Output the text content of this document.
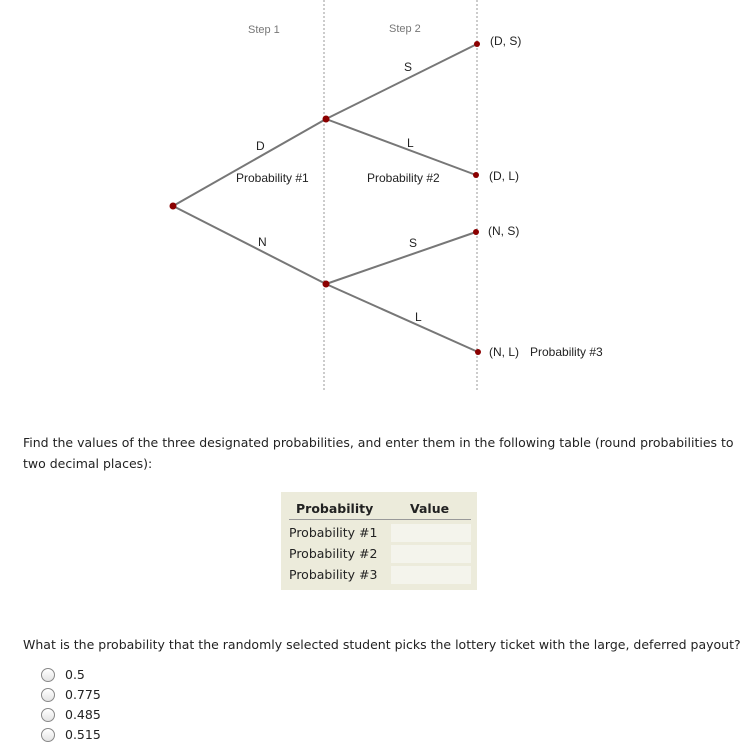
Step 1	Step 2
D
N
S
L
S
L
Probability #1	Probability #2
Probability #3
(D, S)
(D, L)
(N, S)
(N, L)
Find the values of the three designated probabilities, and enter them in the following table (round probabilities to two decimal places):
Probability	Value
Probability #1
Probability #2
Probability #3
What is the probability that the randomly selected student picks the lottery ticket with the large, deferred payout?
0.5
0.775
0.485
0.515
